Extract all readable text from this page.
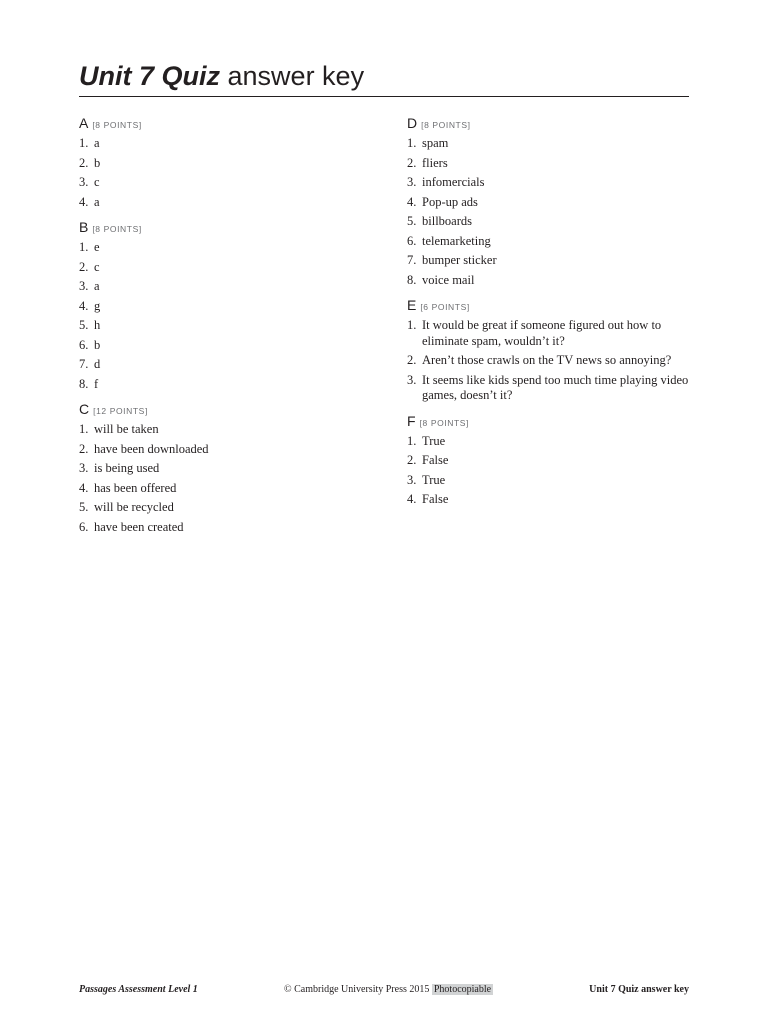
Unit 7 Quiz answer key
A [8 POINTS]
1. a
2. b
3. c
4. a
B [8 POINTS]
1. e
2. c
3. a
4. g
5. h
6. b
7. d
8. f
C [12 POINTS]
1. will be taken
2. have been downloaded
3. is being used
4. has been offered
5. will be recycled
6. have been created
D [8 POINTS]
1. spam
2. fliers
3. infomercials
4. Pop-up ads
5. billboards
6. telemarketing
7. bumper sticker
8. voice mail
E [6 POINTS]
1. It would be great if someone figured out how to eliminate spam, wouldn’t it?
2. Aren’t those crawls on the TV news so annoying?
3. It seems like kids spend too much time playing video games, doesn’t it?
F [8 POINTS]
1. True
2. False
3. True
4. False
Passages Assessment Level 1	© Cambridge University Press 2015 Photocopiable	Unit 7 Quiz answer key
